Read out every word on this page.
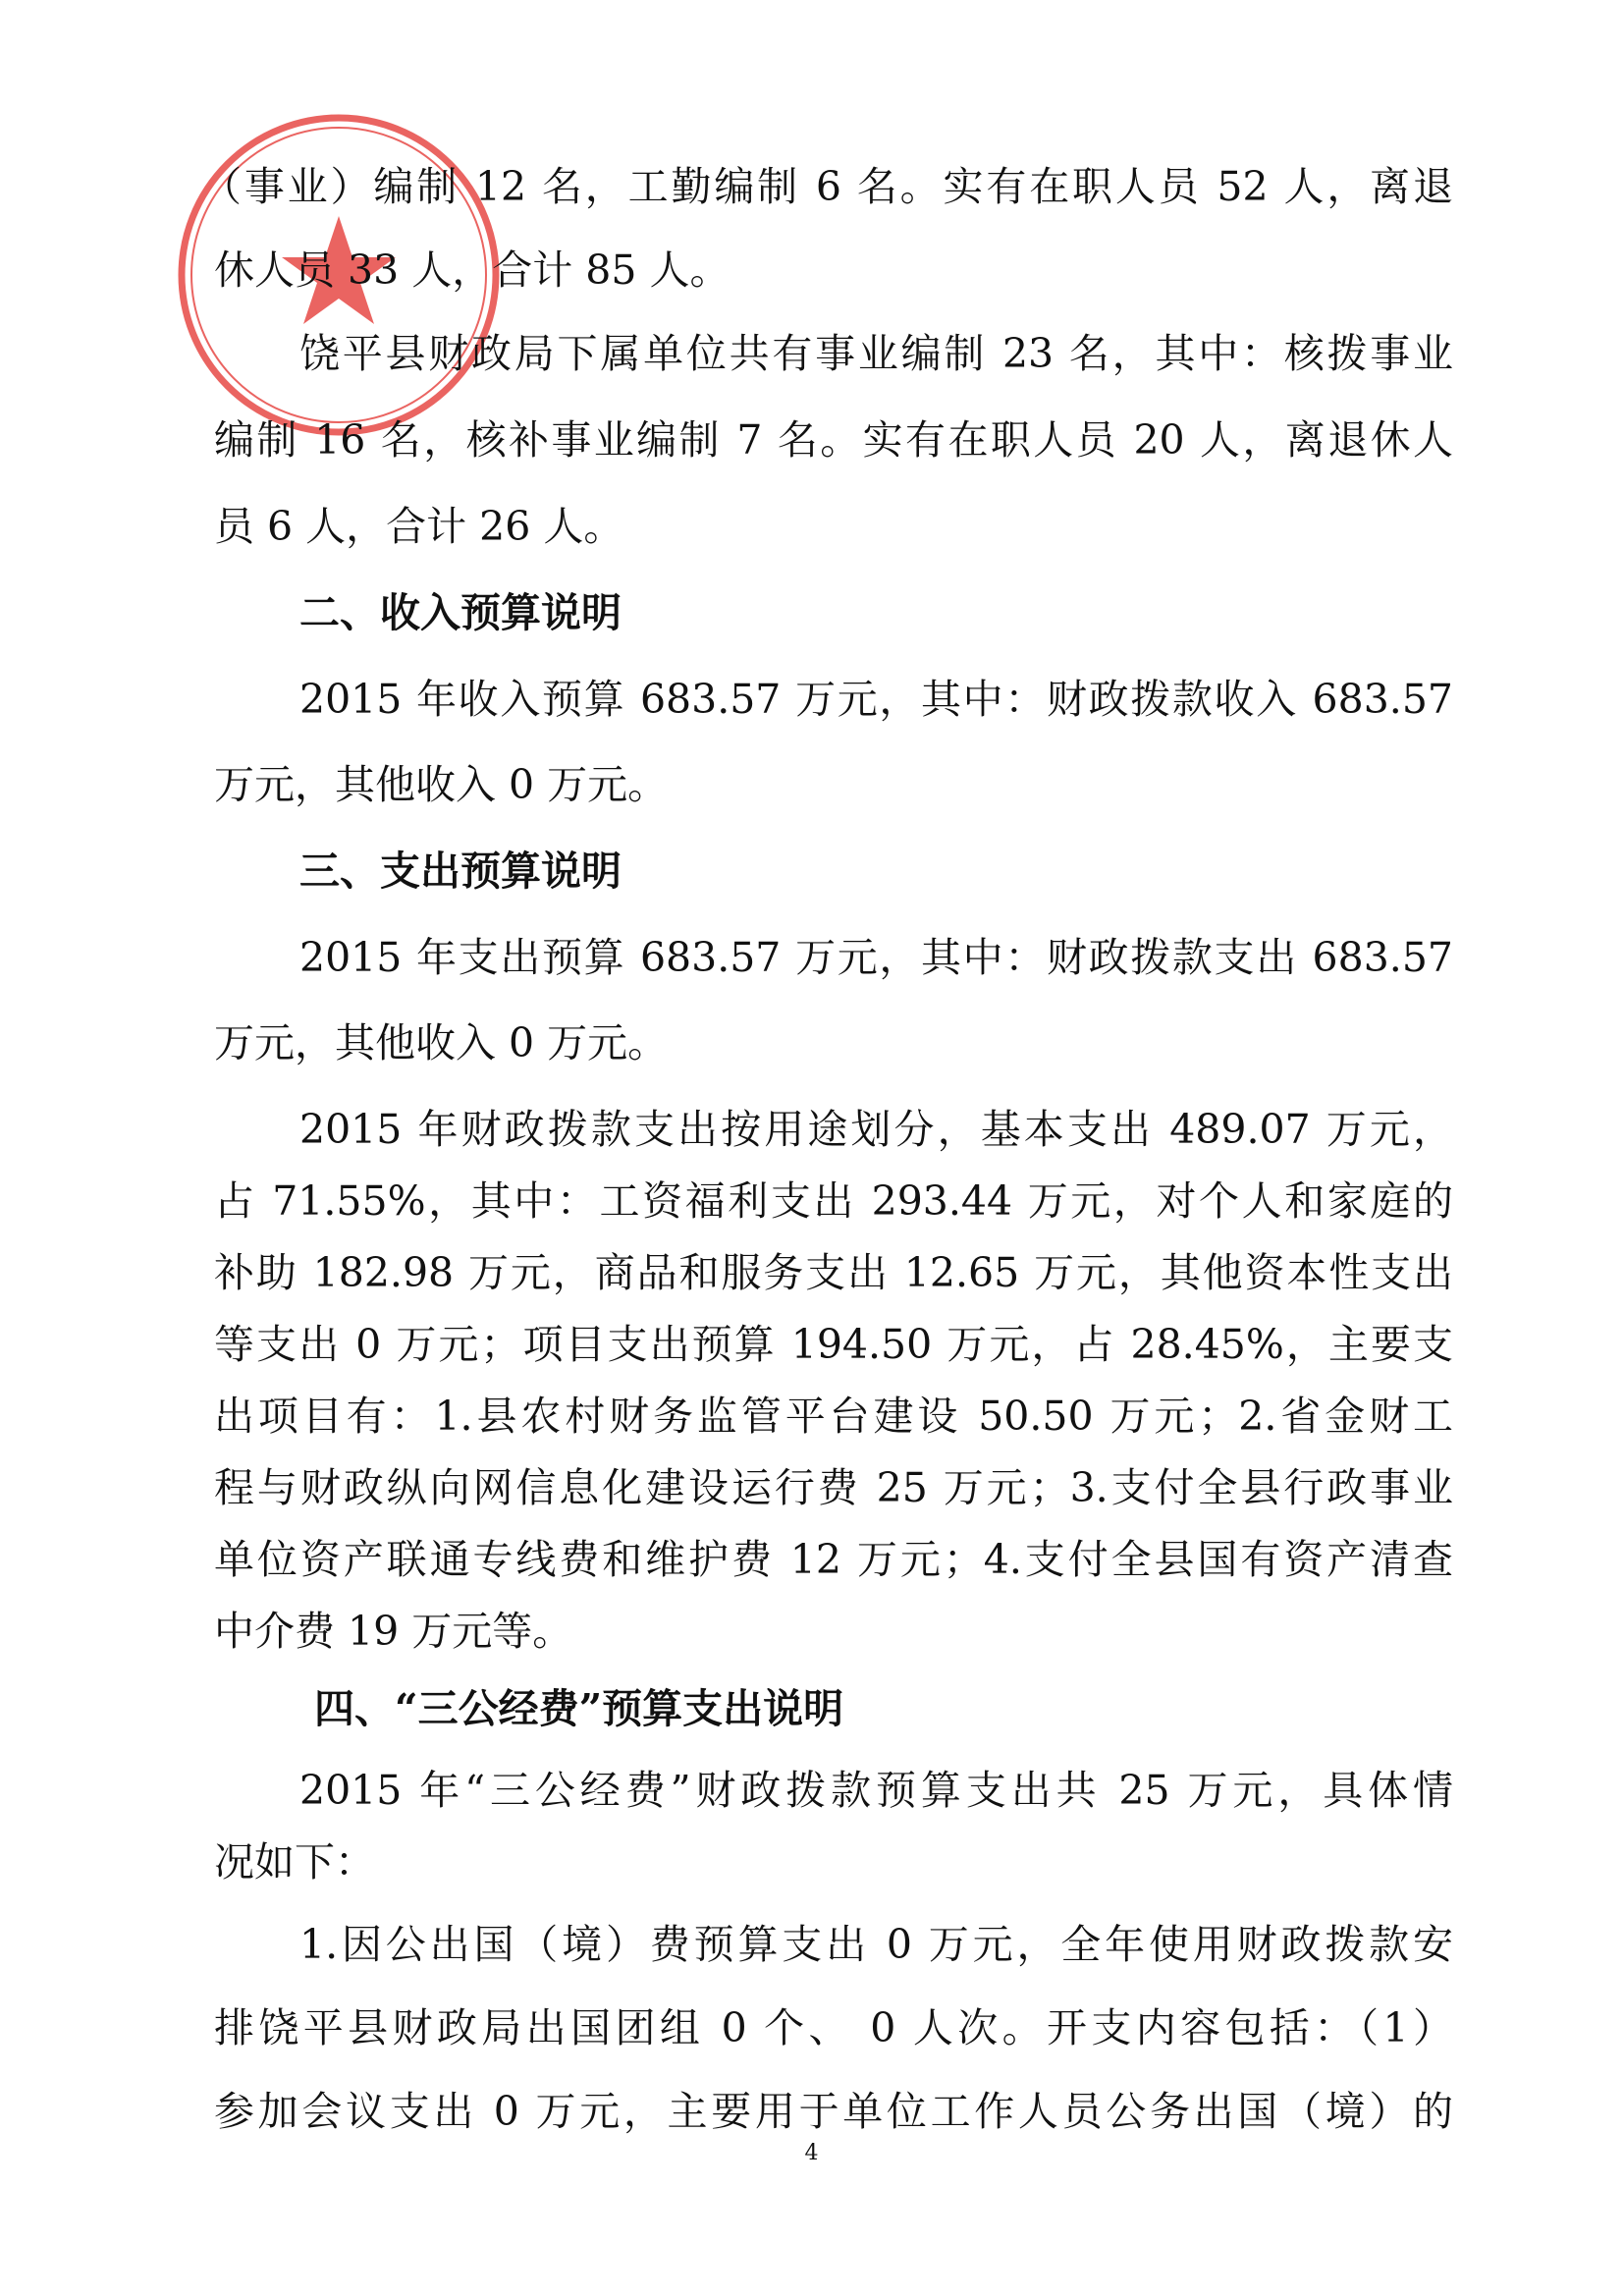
（事业）编制 12 名，工勤编制 6 名。实有在职人员 52 人，离退
休人员 33 人，合计 85 人。
饶平县财政局下属单位共有事业编制 23 名，其中：核拨事业
编制 16 名，核补事业编制 7 名。实有在职人员 20 人，离退休人
员 6 人，合计 26 人。
二、收入预算说明
2015 年收入预算 683.57 万元，其中：财政拨款收入 683.57
万元，其他收入 0 万元。
三、支出预算说明
2015 年支出预算 683.57 万元，其中：财政拨款支出 683.57
万元，其他收入 0 万元。
2015 年财政拨款支出按用途划分，基本支出 489.07 万元，
占 71.55%，其中：工资福利支出 293.44 万元，对个人和家庭的
补助 182.98 万元，商品和服务支出 12.65 万元，其他资本性支出
等支出 0 万元；项目支出预算 194.50 万元，占 28.45%，主要支
出项目有：1.县农村财务监管平台建设 50.50 万元；2.省金财工
程与财政纵向网信息化建设运行费 25 万元；3.支付全县行政事业
单位资产联通专线费和维护费 12 万元；4.支付全县国有资产清查
中介费 19 万元等。
四、“三公经费”预算支出说明
2015 年“三公经费”财政拨款预算支出共 25 万元，具体情
况如下：
1.因公出国（境）费预算支出 0 万元，全年使用财政拨款安
排饶平县财政局出国团组 0 个、 0 人次。开支内容包括：（1）
参加会议支出 0 万元，主要用于单位工作人员公务出国（境）的
4
